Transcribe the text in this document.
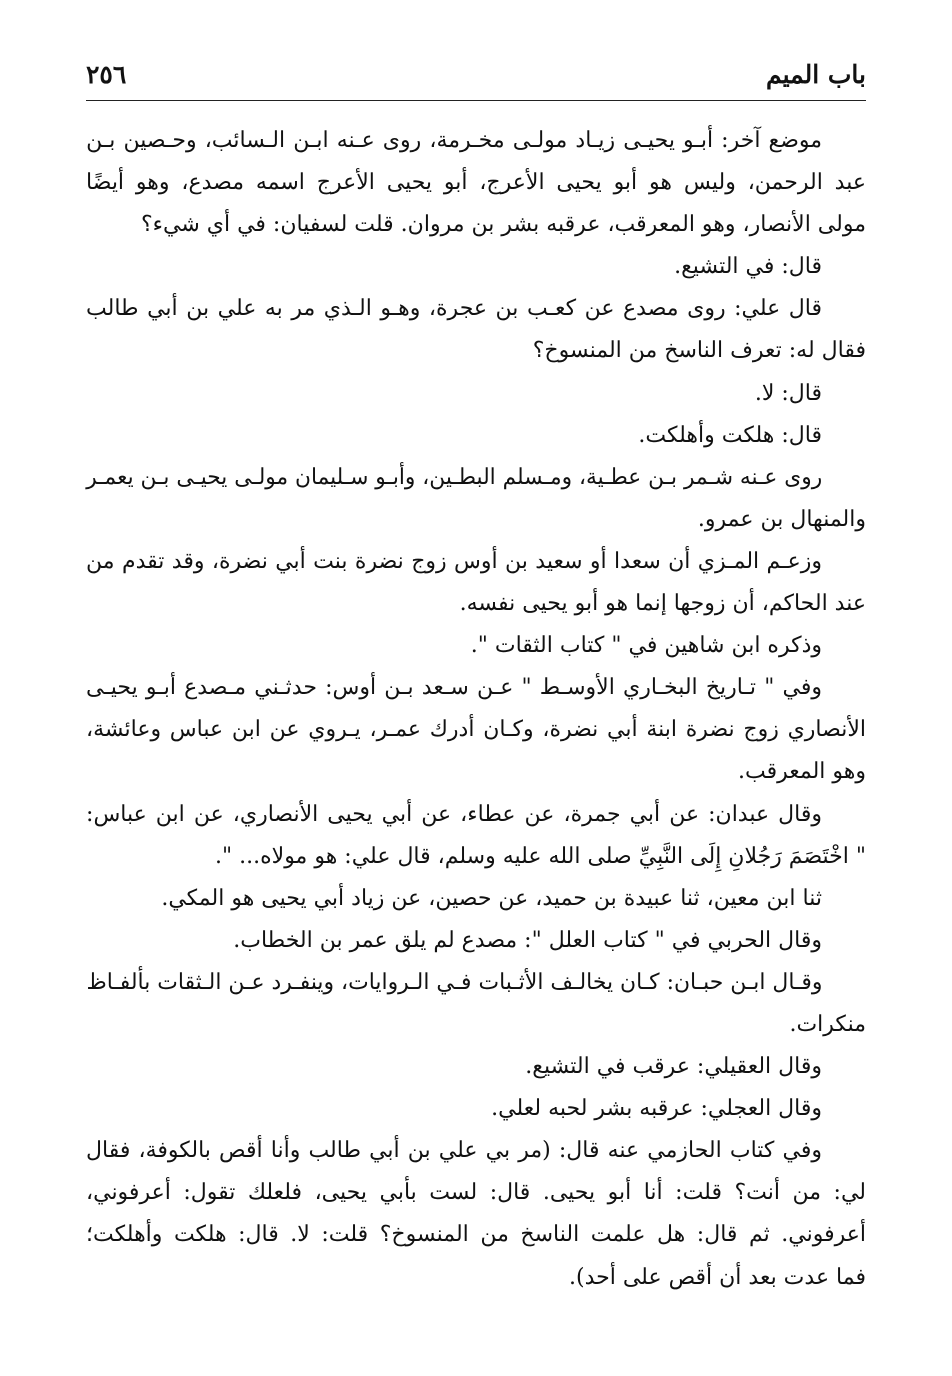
باب الميم
٢٥٦
موضع آخر: أبـو يحيـى زيـاد مولـى مخـرمة، روى عـنه ابـن الـسائب، وحـصين بـن
عبد الرحمن، وليس هو أبو يحيى الأعرج، أبو يحيى الأعرج اسمه مصدع، وهو أيضًا
مولى الأنصار، وهو المعرقب، عرقبه بشر بن مروان. قلت لسفيان: في أي شيء؟
قال: في التشيع.
قال علي: روى مصدع عن كعـب بن عجرة، وهـو الـذي مر به علي بن أبي طالب
فقال له: تعرف الناسخ من المنسوخ؟
قال: لا.
قال: هلكت وأهلكت.
روى عـنه شـمر بـن عطـية، ومـسلم البطـين، وأبـو سـليمان مولـى يحيـى بـن يعمـر
والمنهال بن عمرو.
وزعـم المـزي أن سعدا أو سعيد بن أوس زوج نضرة بنت أبي نضرة، وقد تقدم من
عند الحاكم، أن زوجها إنما هو أبو يحيى نفسه.
وذكره ابن شاهين في " كتاب الثقات ".
وفي " تـاريخ البخـاري الأوسـط " عـن سـعد بـن أوس: حدثـني مـصدع أبـو يحيـى
الأنصاري زوج نضرة ابنة أبي نضرة، وكـان أدرك عمـر، يـروي عن ابن عباس وعائشة،
وهو المعرقب.
وقال عبدان: عن أبي جمرة، عن عطاء، عن أبي يحيى الأنصاري، عن ابن عباس:
" اخْتَصَمَ رَجُلانِ إِلَى النَّبِيِّ صلى الله عليه وسلم، قال علي: هو مولاه... ".
ثنا ابن معين، ثنا عبيدة بن حميد، عن حصين، عن زياد أبي يحيى هو المكي.
وقال الحربي في " كتاب العلل ": مصدع لم يلق عمر بن الخطاب.
وقـال ابـن حبـان: كـان يخالـف الأثـبات فـي الـروايات، وينفـرد عـن الـثقات بألفـاظ
منكرات.
وقال العقيلي: عرقب في التشيع.
وقال العجلي: عرقبه بشر لحبه لعلي.
وفي كتاب الحازمي عنه قال: (مر بي علي بن أبي طالب وأنا أقص بالكوفة، فقال
لي: من أنت؟ قلت: أنا أبو يحيى. قال: لست بأبي يحيى، فلعلك تقول: أعرفوني،
أعرفوني. ثم قال: هل علمت الناسخ من المنسوخ؟ قلت: لا. قال: هلكت وأهلكت؛
فما عدت بعد أن أقص على أحد).
